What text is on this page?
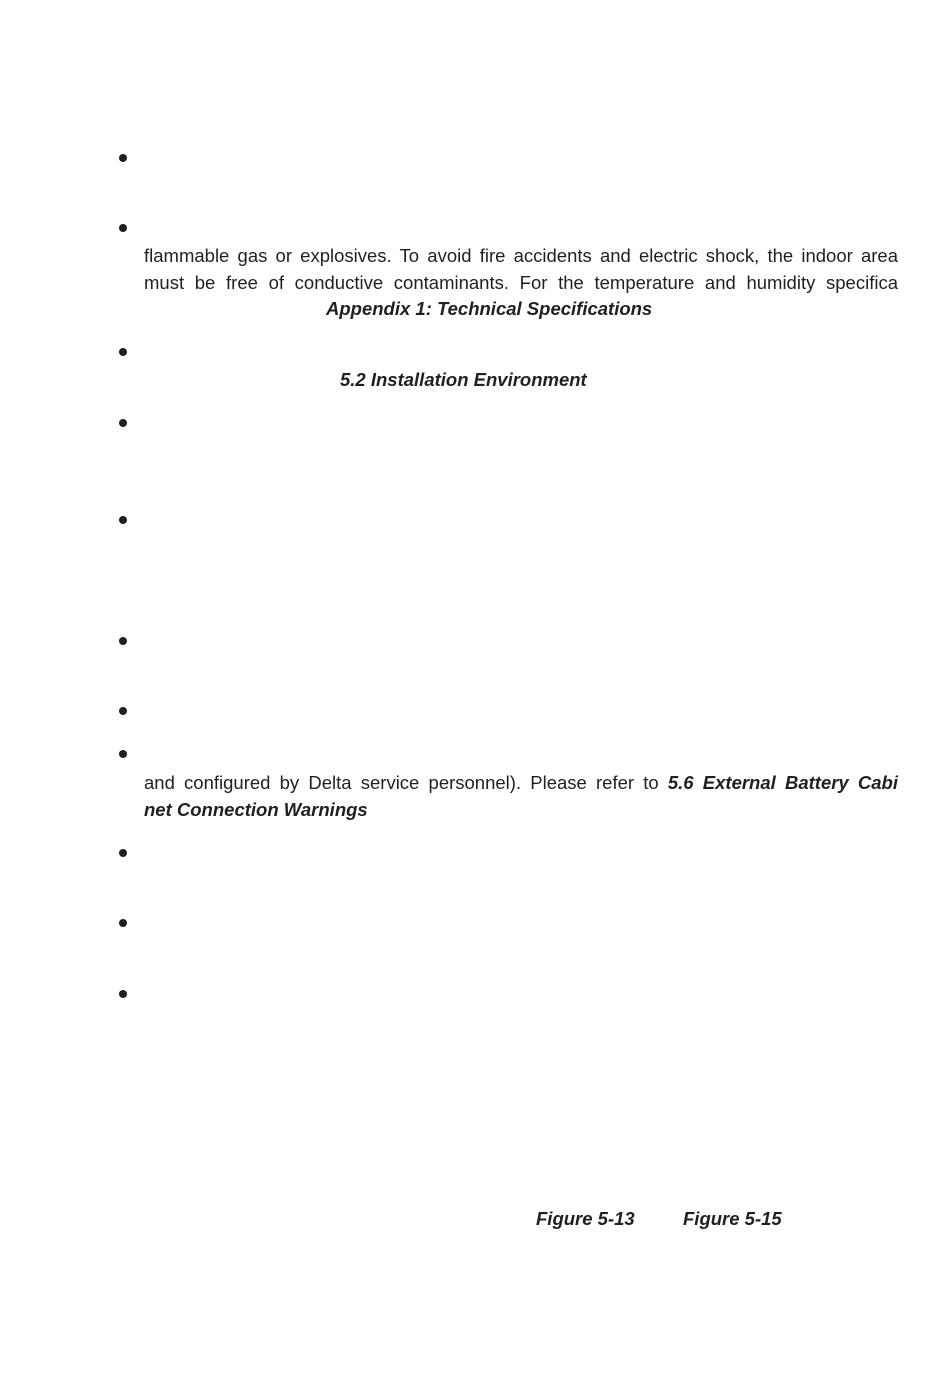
flammable gas or explosives. To avoid fire accidents and electric shock, the indoor area
must be free of conductive contaminants. For the temperature and humidity specifica
Appendix 1: Technical Specifications
5.2 Installation Environment
and configured by Delta service personnel). Please refer to 5.6 External Battery Cabi
net Connection Warnings
Figure 5-13	Figure 5-15
